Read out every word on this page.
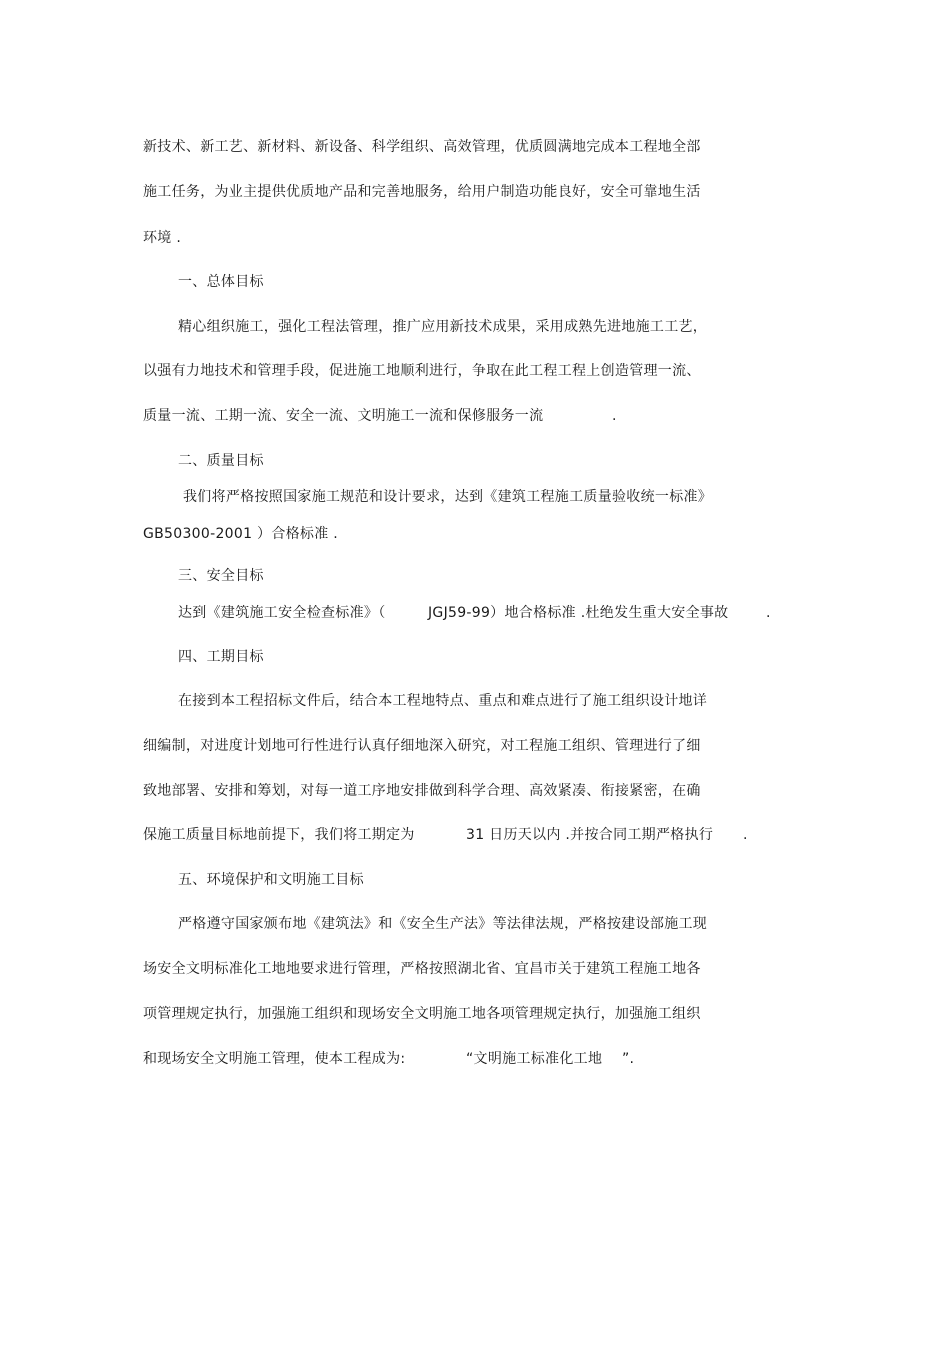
新技术、新工艺、新材料、新设备、科学组织、高效管理，优质圆满地完成本工程地全部
施工任务，为业主提供优质地产品和完善地服务，给用户制造功能良好，安全可靠地生活
环境 .
一、总体目标
精心组织施工，强化工程法管理，推广应用新技术成果，采用成熟先进地施工工艺，
以强有力地技术和管理手段，促进施工地顺利进行，争取在此工程工程上创造管理一流、
质量一流、工期一流、安全一流、文明施工一流和保修服务一流	.
二、质量目标
我们将严格按照国家施工规范和设计要求，达到《建筑工程施工质量验收统一标准》
GB50300-2001 ）合格标准 .
三、安全目标
达到《建筑施工安全检查标准》（	JGJ59-99）地合格标准 .杜绝发生重大安全事故	.
四、工期目标
在接到本工程招标文件后，结合本工程地特点、重点和难点进行了施工组织设计地详
细编制，对进度计划地可行性进行认真仔细地深入研究，对工程施工组织、管理进行了细
致地部署、安排和筹划，对每一道工序地安排做到科学合理、高效紧凑、衔接紧密，在确
保施工质量目标地前提下，我们将工期定为	31 日历天以内 .并按合同工期严格执行 .
五、环境保护和文明施工目标
严格遵守国家颁布地《建筑法》和《安全生产法》等法律法规，严格按建设部施工现
场安全文明标准化工地地要求进行管理，严格按照湖北省、宜昌市关于建筑工程施工地各
项管理规定执行，加强施工组织和现场安全文明施工地各项管理规定执行，加强施工组织
和现场安全文明施工管理，使本工程成为:	“文明施工标准化工地 ”.
